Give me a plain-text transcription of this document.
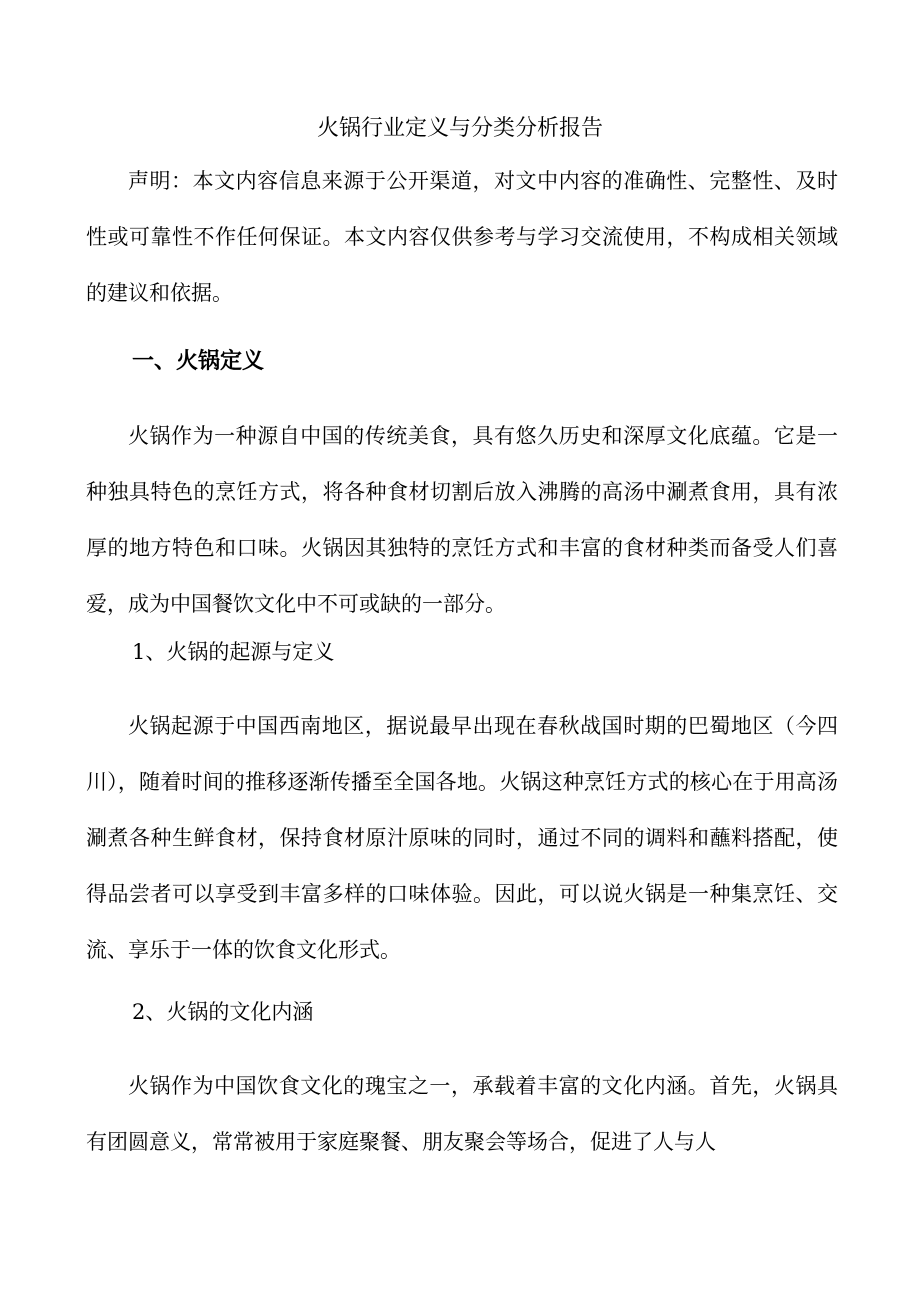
火锅行业定义与分类分析报告

声明：本文内容信息来源于公开渠道，对文中内容的准确性、完整性、及时性或可靠性不作任何保证。本文内容仅供参考与学习交流使用，不构成相关领域的建议和依据。

一、火锅定义

火锅作为一种源自中国的传统美食，具有悠久历史和深厚文化底蕴。它是一种独具特色的烹饪方式，将各种食材切割后放入沸腾的高汤中涮煮食用，具有浓厚的地方特色和口味。火锅因其独特的烹饪方式和丰富的食材种类而备受人们喜爱，成为中国餐饮文化中不可或缺的一部分。

1、火锅的起源与定义

火锅起源于中国西南地区，据说最早出现在春秋战国时期的巴蜀地区（今四川），随着时间的推移逐渐传播至全国各地。火锅这种烹饪方式的核心在于用高汤涮煮各种生鲜食材，保持食材原汁原味的同时，通过不同的调料和蘸料搭配，使得品尝者可以享受到丰富多样的口味体验。因此，可以说火锅是一种集烹饪、交流、享乐于一体的饮食文化形式。

2、火锅的文化内涵

火锅作为中国饮食文化的瑰宝之一，承载着丰富的文化内涵。首先，火锅具有团圆意义，常常被用于家庭聚餐、朋友聚会等场合，促进了人与人
